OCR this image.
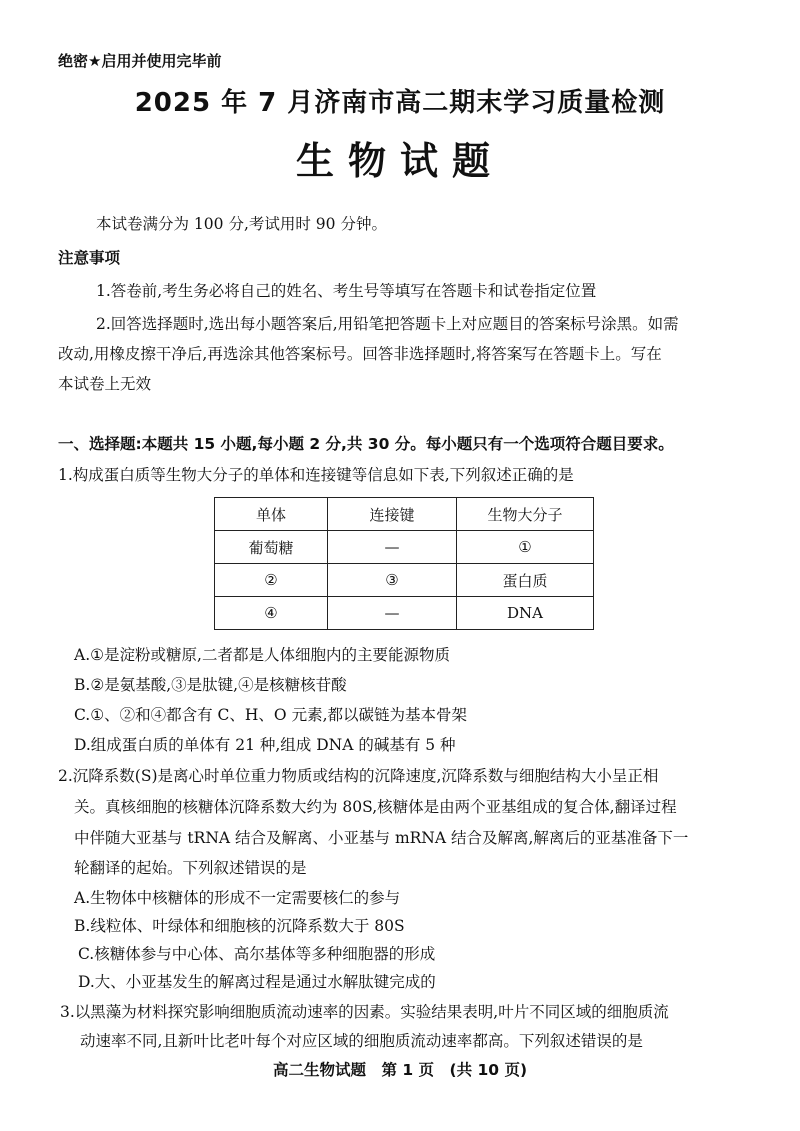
绝密★启用并使用完毕前
2025 年 7 月济南市高二期末学习质量检测
生物试题
本试卷满分为 100 分,考试用时 90 分钟。
注意事项
1.答卷前,考生务必将自己的姓名、考生号等填写在答题卡和试卷指定位置
2.回答选择题时,选出每小题答案后,用铅笔把答题卡上对应题目的答案标号涂黑。如需
改动,用橡皮擦干净后,再选涂其他答案标号。回答非选择题时,将答案写在答题卡上。写在
本试卷上无效
一、选择题:本题共 15 小题,每小题 2 分,共 30 分。每小题只有一个选项符合题目要求。
1.构成蛋白质等生物大分子的单体和连接键等信息如下表,下列叙述正确的是
单体	连接键	生物大分子
葡萄糖	—	①
②	③	蛋白质
④	—	DNA
A.①是淀粉或糖原,二者都是人体细胞内的主要能源物质
B.②是氨基酸,③是肽键,④是核糖核苷酸
C.①、②和④都含有 C、H、O 元素,都以碳链为基本骨架
D.组成蛋白质的单体有 21 种,组成 DNA 的碱基有 5 种
2.沉降系数(S)是离心时单位重力物质或结构的沉降速度,沉降系数与细胞结构大小呈正相
关。真核细胞的核糖体沉降系数大约为 80S,核糖体是由两个亚基组成的复合体,翻译过程
中伴随大亚基与 tRNA 结合及解离、小亚基与 mRNA 结合及解离,解离后的亚基准备下一
轮翻译的起始。下列叙述错误的是
A.生物体中核糖体的形成不一定需要核仁的参与
B.线粒体、叶绿体和细胞核的沉降系数大于 80S
C.核糖体参与中心体、高尔基体等多种细胞器的形成
D.大、小亚基发生的解离过程是通过水解肽键完成的
3.以黑藻为材料探究影响细胞质流动速率的因素。实验结果表明,叶片不同区域的细胞质流
动速率不同,且新叶比老叶每个对应区域的细胞质流动速率都高。下列叙述错误的是
高二生物试题　第 1 页　(共 10 页)
